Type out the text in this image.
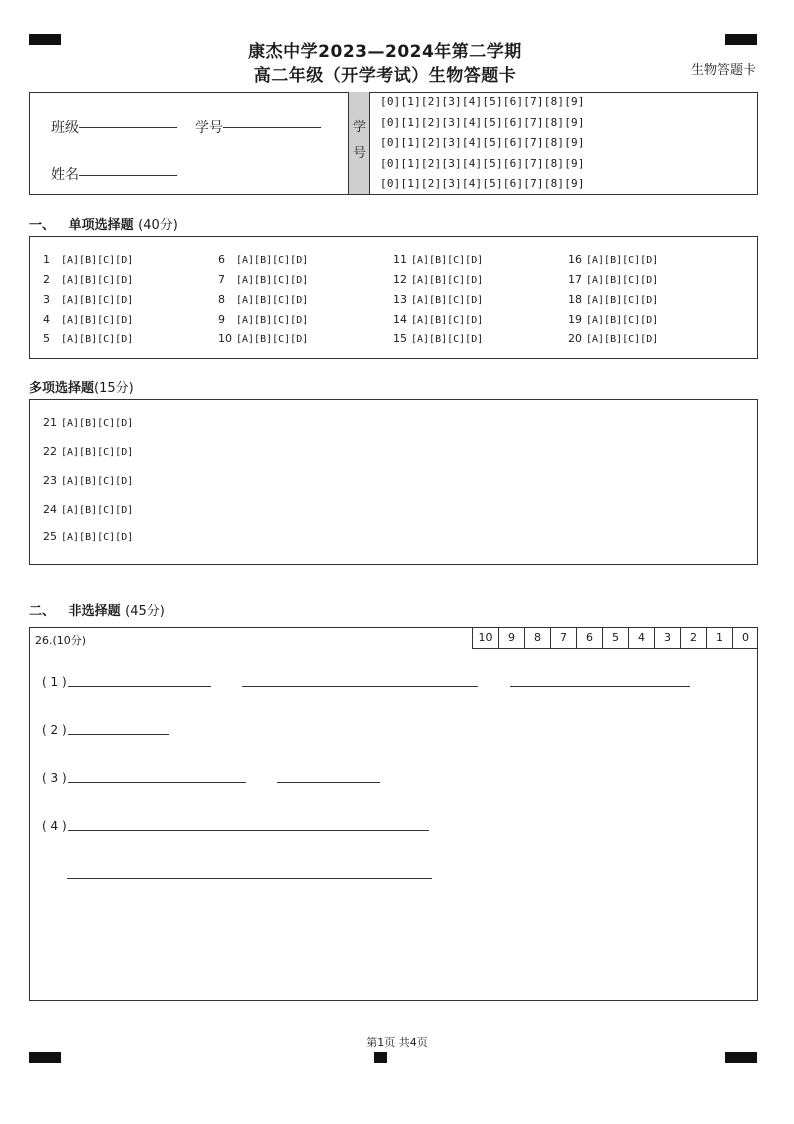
康杰中学2023—2024年第二学期
高二年级（开学考试）生物答题卡	生物答题卡
班级	学号
姓名
学
号
[0][1][2][3][4][5][6][7][8][9]
[0][1][2][3][4][5][6][7][8][9]
[0][1][2][3][4][5][6][7][8][9]
[0][1][2][3][4][5][6][7][8][9]
[0][1][2][3][4][5][6][7][8][9]
一、 单项选择题 (40分)
1 [A][B][C][D]
2 [A][B][C][D]
3 [A][B][C][D]
4 [A][B][C][D]
5 [A][B][C][D]
6 [A][B][C][D]
7 [A][B][C][D]
8 [A][B][C][D]
9 [A][B][C][D]
10 [A][B][C][D]
11 [A][B][C][D]
12 [A][B][C][D]
13 [A][B][C][D]
14 [A][B][C][D]
15 [A][B][C][D]
16 [A][B][C][D]
17 [A][B][C][D]
18 [A][B][C][D]
19 [A][B][C][D]
20 [A][B][C][D]
多项选择题(15分)
21 [A][B][C][D]
22 [A][B][C][D]
23 [A][B][C][D]
24 [A][B][C][D]
25 [A][B][C][D]
二、 非选择题 (45分)
26.(10分)	10	9	8	7	6	5	4	3	2	1	0
( 1 )
( 2 )
( 3 )
( 4 )
第1页 共4页
